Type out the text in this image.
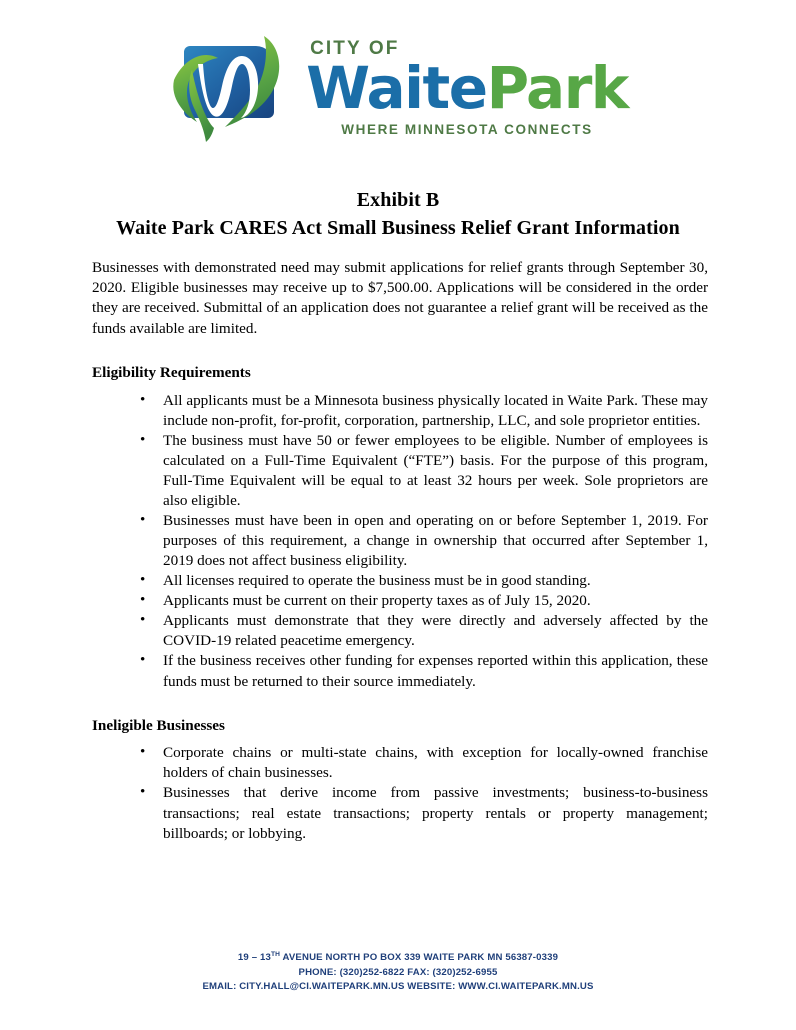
CITY OF
WaitePark
WHERE MINNESOTA CONNECTS
Exhibit B
Waite Park CARES Act Small Business Relief Grant Information

Businesses with demonstrated need may submit applications for relief grants through September 30, 2020. Eligible businesses may receive up to $7,500.00. Applications will be considered in the order they are received. Submittal of an application does not guarantee a relief grant will be received as the funds available are limited.

Eligibility Requirements
• All applicants must be a Minnesota business physically located in Waite Park. These may include non-profit, for-profit, corporation, partnership, LLC, and sole proprietor entities.
• The business must have 50 or fewer employees to be eligible. Number of employees is calculated on a Full-Time Equivalent (“FTE”) basis. For the purpose of this program, Full-Time Equivalent will be equal to at least 32 hours per week. Sole proprietors are also eligible.
• Businesses must have been in open and operating on or before September 1, 2019. For purposes of this requirement, a change in ownership that occurred after September 1, 2019 does not affect business eligibility.
• All licenses required to operate the business must be in good standing.
• Applicants must be current on their property taxes as of July 15, 2020.
• Applicants must demonstrate that they were directly and adversely affected by the COVID-19 related peacetime emergency.
• If the business receives other funding for expenses reported within this application, these funds must be returned to their source immediately.
Ineligible Businesses
• Corporate chains or multi-state chains, with exception for locally-owned franchise holders of chain businesses.
• Businesses that derive income from passive investments; business-to-business transactions; real estate transactions; property rentals or property management; billboards; or lobbying.
19 – 13TH AVENUE NORTH PO BOX 339 WAITE PARK MN 56387-0339
PHONE: (320)252-6822 FAX: (320)252-6955
EMAIL: CITY.HALL@CI.WAITEPARK.MN.US WEBSITE: WWW.CI.WAITEPARK.MN.US
